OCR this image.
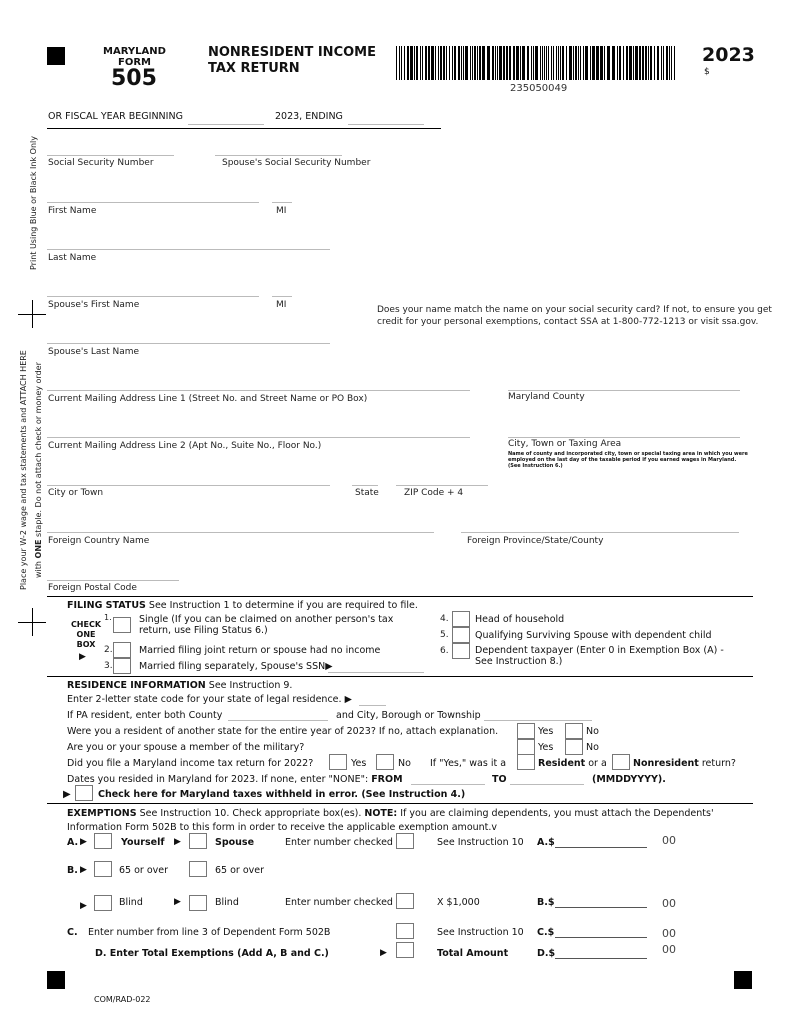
MARYLAND
FORM
505
NONRESIDENT INCOME
TAX RETURN
235050049
2023
$
OR FISCAL YEAR BEGINNING	2023, ENDING
Print Using Blue or Black Ink Only
Place your W-2 wage and tax statements and ATTACH HERE with ONE staple. Do not attach check or money order
Social Security Number	Spouse's Social Security Number
First Name	MI
Last Name
Spouse's First Name	MI	Does your name match the name on your social security card? If not, to ensure you get
credit for your personal exemptions, contact SSA at 1-800-772-1213 or visit ssa.gov.
Spouse's Last Name
Current Mailing Address Line 1 (Street No. and Street Name or PO Box)	Maryland County
Current Mailing Address Line 2 (Apt No., Suite No., Floor No.)	City, Town or Taxing Area
Name of county and incorporated city, town or special taxing area in which you were employed on the last day of the taxable period if you earned wages in Maryland. (See Instruction 6.)
City or Town	State	ZIP Code + 4
Foreign Country Name	Foreign Province/State/County
Foreign Postal Code
FILING STATUS See Instruction 1 to determine if you are required to file.
CHECK ONE BOX
▶
1.	Single (If you can be claimed on another person's tax
return, use Filing Status 6.)
2.	Married filing joint return or spouse had no income
3.	Married filing separately, Spouse's SSN▶
4.	Head of household
5.	Qualifying Surviving Spouse with dependent child
6.	Dependent taxpayer (Enter 0 in Exemption Box (A) -
See Instruction 8.)
RESIDENCE INFORMATION See Instruction 9.
Enter 2-letter state code for your state of legal residence. ▶
If PA resident, enter both County	and City, Borough or Township
Were you a resident of another state for the entire year of 2023? If no, attach explanation.	Yes	No
Are you or your spouse a member of the military?	Yes	No
Did you file a Maryland income tax return for 2022?	Yes	No If "Yes," was it a	Resident or a	Nonresident return?
Dates you resided in Maryland for 2023. If none, enter "NONE": FROM	TO	(MMDDYYYY).
▶	Check here for Maryland taxes withheld in error. (See Instruction 4.)
EXEMPTIONS See Instruction 10. Check appropriate box(es). NOTE: If you are claiming dependents, you must attach the Dependents'
Information Form 502B to this form in order to receive the applicable exemption amount.v
A. ▶	Yourself ▶	Spouse	Enter number checked	See Instruction 10 A.$	00
B. ▶	65 or over	65 or over
▶	Blind	▶	Blind	Enter number checked	X $1,000	B.$	00
C. Enter number from line 3 of Dependent Form 502B	See Instruction 10 C.$	00
D. Enter Total Exemptions (Add A, B and C.)	▶	Total Amount	D.$	00
COM/RAD-022
